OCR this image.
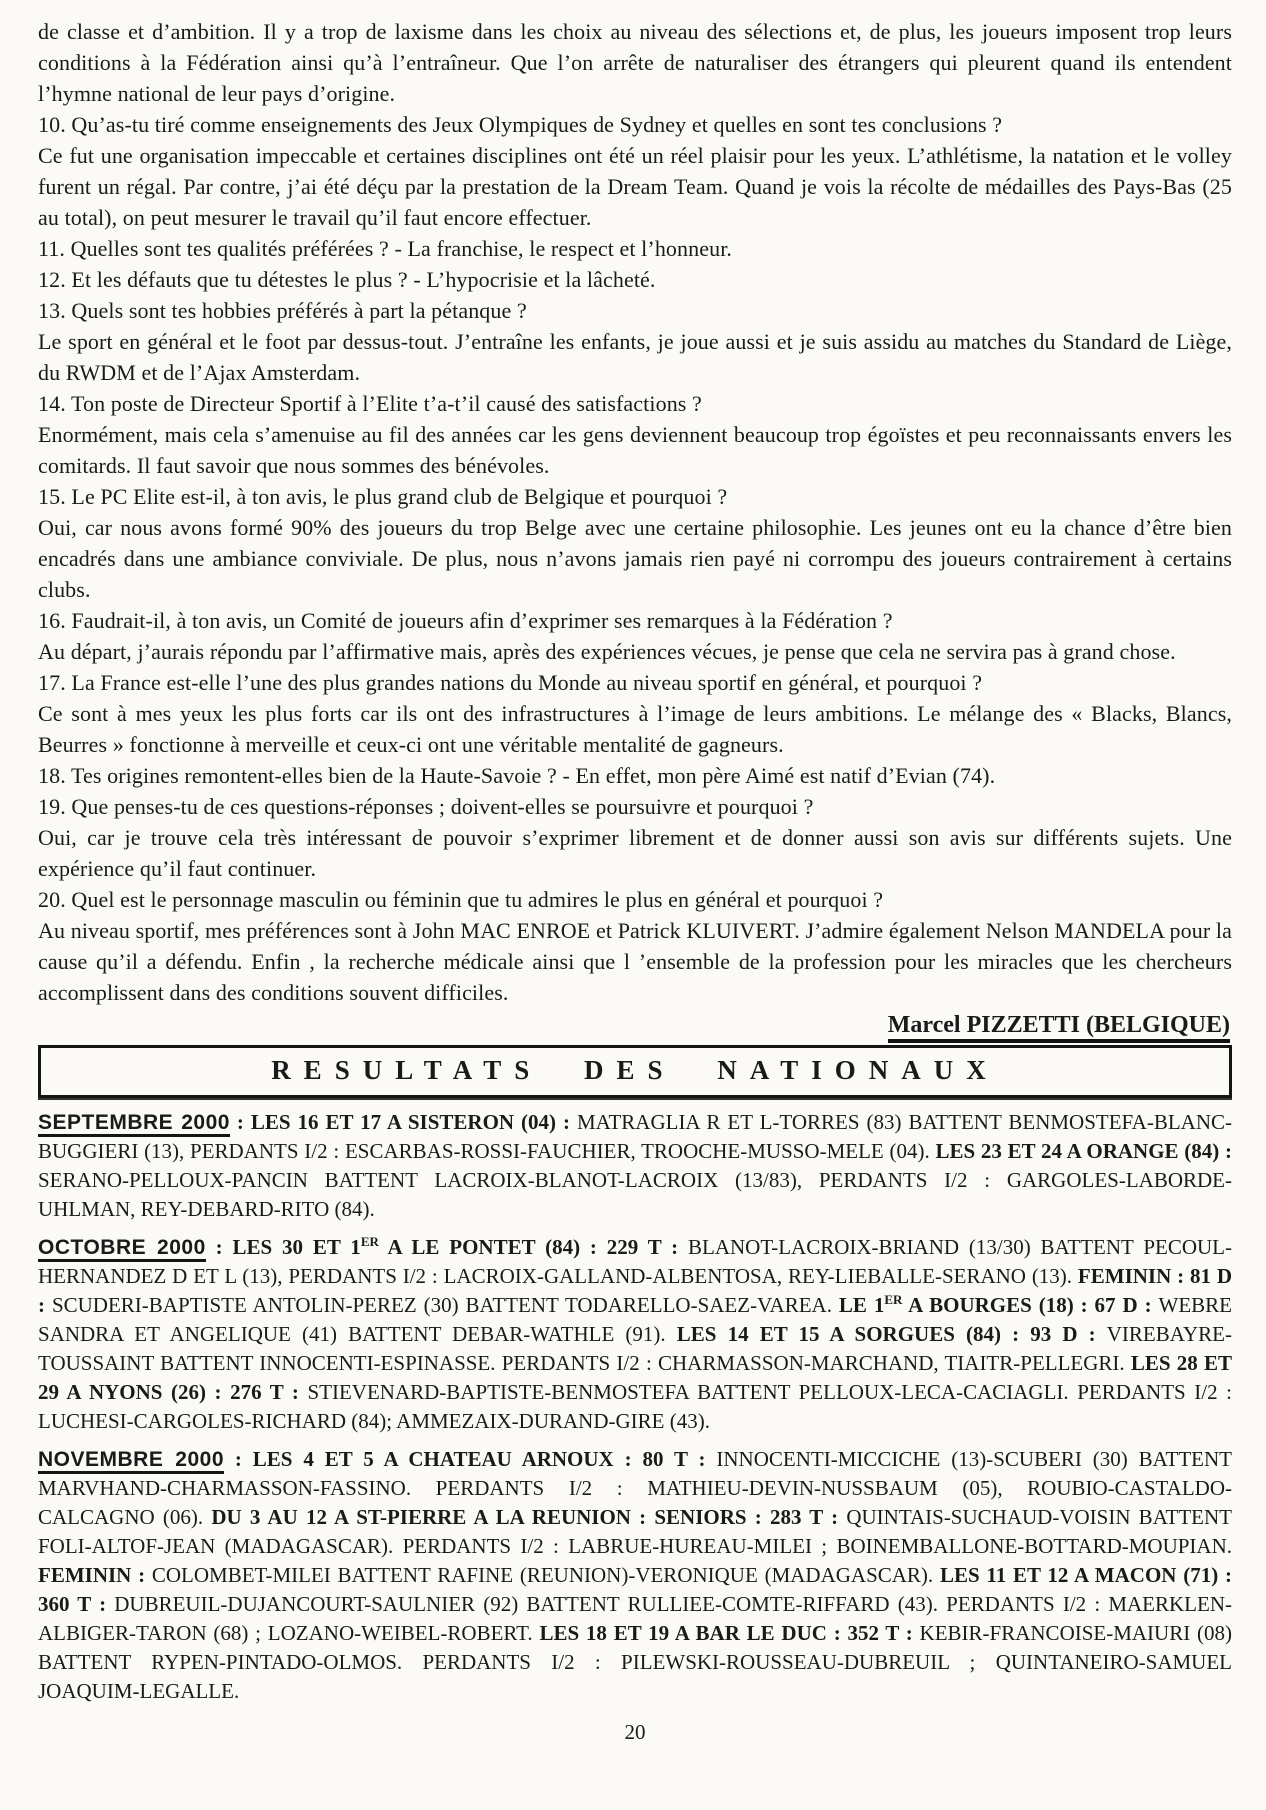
de classe et d’ambition. Il y a trop de laxisme dans les choix au niveau des sélections et, de plus, les joueurs imposent trop leurs conditions à la Fédération ainsi qu’à l’entraîneur. Que l’on arrête de naturaliser des étrangers qui pleurent quand ils entendent l’hymne national de leur pays d’origine.

10. Qu’as-tu tiré comme enseignements des Jeux Olympiques de Sydney et quelles en sont tes conclusions ?

Ce fut une organisation impeccable et certaines disciplines ont été un réel plaisir pour les yeux. L’athlétisme, la natation et le volley furent un régal. Par contre, j’ai été déçu par la prestation de la Dream Team. Quand je vois la récolte de médailles des Pays-Bas (25 au total), on peut mesurer le travail qu’il faut encore effectuer.

11. Quelles sont tes qualités préférées ? - La franchise, le respect et l’honneur.

12. Et les défauts que tu détestes le plus ? - L’hypocrisie et la lâcheté.

13. Quels sont tes hobbies préférés à part la pétanque ?

Le sport en général et le foot par dessus-tout. J’entraîne les enfants, je joue aussi et je suis assidu au matches du Standard de Liège, du RWDM et de l’Ajax Amsterdam.

14. Ton poste de Directeur Sportif à l’Elite t’a-t’il causé des satisfactions ?

Enormément, mais cela s’amenuise au fil des années car les gens deviennent beaucoup trop égoïstes et peu reconnaissants envers les comitards. Il faut savoir que nous sommes des bénévoles.

15. Le PC Elite est-il, à ton avis, le plus grand club de Belgique et pourquoi ?

Oui, car nous avons formé 90% des joueurs du trop Belge avec une certaine philosophie. Les jeunes ont eu la chance d’être bien encadrés dans une ambiance conviviale. De plus, nous n’avons jamais rien payé ni corrompu des joueurs contrairement à certains clubs.

16. Faudrait-il, à ton avis, un Comité de joueurs afin d’exprimer ses remarques à la Fédération ?

Au départ, j’aurais répondu par l’affirmative mais, après des expériences vécues, je pense que cela ne servira pas à grand chose.

17. La France est-elle l’une des plus grandes nations du Monde au niveau sportif en général, et pourquoi ?

Ce sont à mes yeux les plus forts car ils ont des infrastructures à l’image de leurs ambitions. Le mélange des « Blacks, Blancs, Beurres » fonctionne à merveille et ceux-ci ont une véritable mentalité de gagneurs.

18. Tes origines remontent-elles bien de la Haute-Savoie ? - En effet, mon père Aimé est natif d’Evian (74).

19. Que penses-tu de ces questions-réponses ; doivent-elles se poursuivre et pourquoi ?

Oui, car je trouve cela très intéressant de pouvoir s’exprimer librement et de donner aussi son avis sur différents sujets. Une expérience qu’il faut continuer.

20. Quel est le personnage masculin ou féminin que tu admires le plus en général et pourquoi ?

Au niveau sportif, mes préférences sont à John MAC ENROE et Patrick KLUIVERT. J’admire également Nelson MANDELA pour la cause qu’il a défendu. Enfin , la recherche médicale ainsi que l ’ensemble de la profession pour les miracles que les chercheurs accomplissent dans des conditions souvent difficiles.

Marcel PIZZETTI (BELGIQUE)
RESULTATS DES NATIONAUX

SEPTEMBRE 2000 : LES 16 ET 17 A SISTERON (04) : MATRAGLIA R ET L-TORRES (83) BATTENT BENMOSTEFA-BLANC-BUGGIERI (13), PERDANTS I/2 : ESCARBAS-ROSSI-FAUCHIER, TROOCHE-MUSSO-MELE (04). LES 23 ET 24 A ORANGE (84) : SERANO-PELLOUX-PANCIN BATTENT LACROIX-BLANOT-LACROIX (13/83), PERDANTS I/2 : GARGOLES-LABORDE-UHLMAN, REY-DEBARD-RITO (84).

OCTOBRE 2000 : LES 30 ET 1ER A LE PONTET (84) : 229 T : BLANOT-LACROIX-BRIAND (13/30) BATTENT PECOUL-HERNANDEZ D ET L (13), PERDANTS I/2 : LACROIX-GALLAND-ALBENTOSA, REY-LIEBALLE-SERANO (13). FEMININ : 81 D : SCUDERI-BAPTISTE ANTOLIN-PEREZ (30) BATTENT TODARELLO-SAEZ-VAREA. LE 1ER A BOURGES (18) : 67 D : WEBRE SANDRA ET ANGELIQUE (41) BATTENT DEBAR-WATHLE (91). LES 14 ET 15 A SORGUES (84) : 93 D : VIREBAYRE-TOUSSAINT BATTENT INNOCENTI-ESPINASSE. PERDANTS I/2 : CHARMASSON-MARCHAND, TIAITR-PELLEGRI. LES 28 ET 29 A NYONS (26) : 276 T : STIEVENARD-BAPTISTE-BENMOSTEFA BATTENT PELLOUX-LECA-CACIAGLI. PERDANTS I/2 : LUCHESI-CARGOLES-RICHARD (84); AMMEZAIX-DURAND-GIRE (43).

NOVEMBRE 2000 : LES 4 ET 5 A CHATEAU ARNOUX : 80 T : INNOCENTI-MICCICHE (13)-SCUBERI (30) BATTENT MARVHAND-CHARMASSON-FASSINO. PERDANTS I/2 : MATHIEU-DEVIN-NUSSBAUM (05), ROUBIO-CASTALDO-CALCAGNO (06). DU 3 AU 12 A ST-PIERRE A LA REUNION : SENIORS : 283 T : QUINTAIS-SUCHAUD-VOISIN BATTENT FOLI-ALTOF-JEAN (MADAGASCAR). PERDANTS I/2 : LABRUE-HUREAU-MILEI ; BOINEMBALLONE-BOTTARD-MOUPIAN. FEMININ : COLOMBET-MILEI BATTENT RAFINE (REUNION)-VERONIQUE (MADAGASCAR). LES 11 ET 12 A MACON (71) : 360 T : DUBREUIL-DUJANCOURT-SAULNIER (92) BATTENT RULLIEE-COMTE-RIFFARD (43). PERDANTS I/2 : MAERKLEN-ALBIGER-TARON (68) ; LOZANO-WEIBEL-ROBERT. LES 18 ET 19 A BAR LE DUC : 352 T : KEBIR-FRANCOISE-MAIURI (08) BATTENT RYPEN-PINTADO-OLMOS. PERDANTS I/2 : PILEWSKI-ROUSSEAU-DUBREUIL ; QUINTANEIRO-SAMUEL JOAQUIM-LEGALLE.

20
